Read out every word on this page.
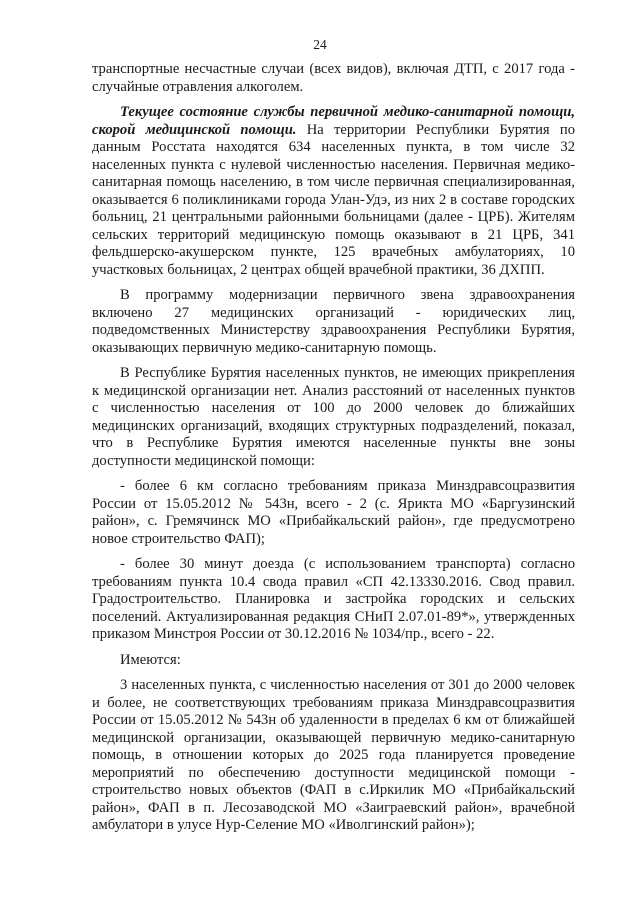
24

транспортные несчастные случаи (всех видов), включая ДТП, с 2017 года - случайные отравления алкоголем.

Текущее состояние службы первичной медико-санитарной помощи, скорой медицинской помощи. На территории Республики Бурятия по данным Росстата находятся 634 населенных пункта, в том числе 32 населенных пункта с нулевой численностью населения. Первичная медико-санитарная помощь населению, в том числе первичная специализированная, оказывается 6 поликлиниками города Улан-Удэ, из них 2 в составе городских больниц, 21 центральными районными больницами (далее - ЦРБ). Жителям сельских территорий медицинскую помощь оказывают в 21 ЦРБ, 341 фельдшерско-акушерском пункте, 125 врачебных амбулаториях, 10 участковых больницах, 2 центрах общей врачебной практики, 36 ДХПП.

В программу модернизации первичного звена здравоохранения включено 27 медицинских организаций - юридических лиц, подведомственных Министерству здравоохранения Республики Бурятия, оказывающих первичную медико-санитарную помощь.

В Республике Бурятия населенных пунктов, не имеющих прикрепления к медицинской организации нет. Анализ расстояний от населенных пунктов с численностью населения от 100 до 2000 человек до ближайших медицинских организаций, входящих структурных подразделений, показал, что в Республике Бурятия имеются населенные пункты вне зоны доступности медицинской помощи:

- более 6 км согласно требованиям приказа Минздравсоцразвития России от 15.05.2012 № 543н, всего - 2 (с. Ярикта МО «Баргузинский район», с. Гремячинск МО «Прибайкальский район», где предусмотрено новое строительство ФАП);

- более 30 минут доезда (с использованием транспорта) согласно требованиям пункта 10.4 свода правил «СП 42.13330.2016. Свод правил. Градостроительство. Планировка и застройка городских и сельских поселений. Актуализированная редакция СНиП 2.07.01-89*», утвержденных приказом Минстроя России от 30.12.2016 № 1034/пр., всего - 22.

Имеются:

3 населенных пункта, с численностью населения от 301 до 2000 человек и более, не соответствующих требованиям приказа Минздравсоцразвития России от 15.05.2012 № 543н об удаленности в пределах 6 км от ближайшей медицинской организации, оказывающей первичную медико-санитарную помощь, в отношении которых до 2025 года планируется проведение мероприятий по обеспечению доступности медицинской помощи - строительство новых объектов (ФАП в с.Иркилик МО «Прибайкальский район», ФАП в п. Лесозаводской МО «Заиграевский район», врачебной амбулатори в улусе Нур-Селение МО «Иволгинский район»);
